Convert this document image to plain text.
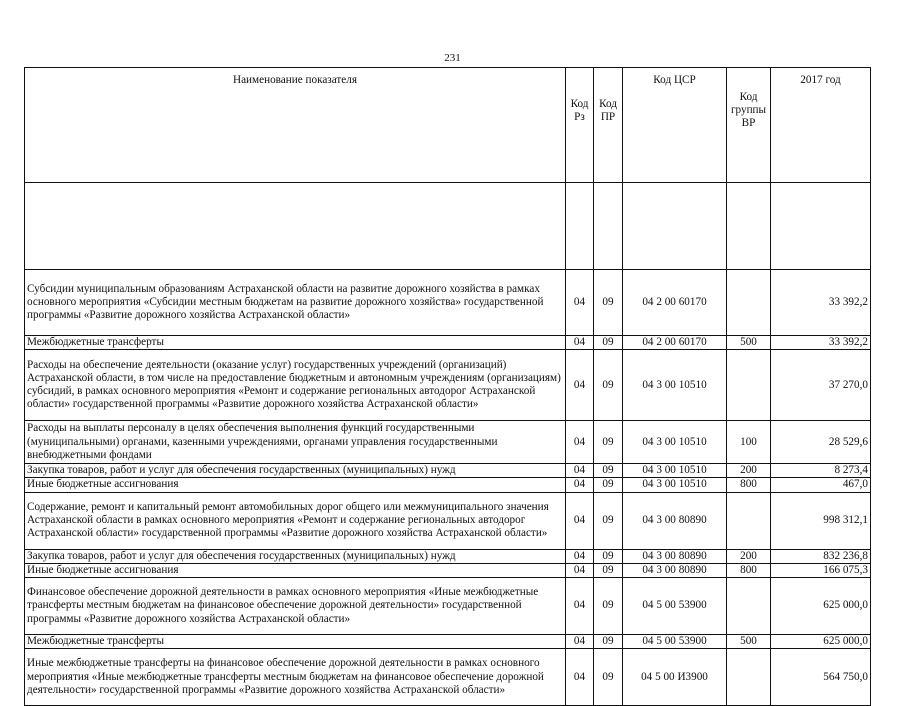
231
Наименование показателя	Код Рз	Код ПР	Код ЦСР	Код группы ВР	2017 год

Субсидии муниципальным образованиям Астраханской области на развитие дорожного хозяйства в рамках основного мероприятия «Субсидии местным бюджетам на развитие дорожного хозяйства» государственной программы «Развитие дорожного хозяйства Астраханской области»	04	09	04 2 00 60170		33 392,2
Межбюджетные трансферты	04	09	04 2 00 60170	500	33 392,2
Расходы на обеспечение деятельности (оказание услуг) государственных учреждений (организаций) Астраханской области, в том числе на предоставление бюджетным и автономным учреждениям (организациям) субсидий, в рамках основного мероприятия «Ремонт и содержание региональных автодорог Астраханской области» государственной программы «Развитие дорожного хозяйства Астраханской области»	04	09	04 3 00 10510		37 270,0
Расходы на выплаты персоналу в целях обеспечения выполнения функций государственными (муниципальными) органами, казенными учреждениями, органами управления государственными внебюджетными фондами	04	09	04 3 00 10510	100	28 529,6
Закупка товаров, работ и услуг для обеспечения государственных (муниципальных) нужд	04	09	04 3 00 10510	200	8 273,4
Иные бюджетные ассигнования	04	09	04 3 00 10510	800	467,0
Содержание, ремонт и капитальный ремонт автомобильных дорог общего или межмуниципального значения Астраханской области в рамках основного мероприятия «Ремонт и содержание региональных автодорог Астраханской области» государственной программы «Развитие дорожного хозяйства Астраханской области»	04	09	04 3 00 80890		998 312,1
Закупка товаров, работ и услуг для обеспечения государственных (муниципальных) нужд	04	09	04 3 00 80890	200	832 236,8
Иные бюджетные ассигнования	04	09	04 3 00 80890	800	166 075,3
Финансовое обеспечение дорожной деятельности в рамках основного мероприятия «Иные межбюджетные трансферты местным бюджетам на финансовое обеспечение дорожной деятельности» государственной программы «Развитие дорожного хозяйства Астраханской области»	04	09	04 5 00 53900		625 000,0
Межбюджетные трансферты	04	09	04 5 00 53900	500	625 000,0
Иные межбюджетные трансферты на финансовое обеспечение дорожной деятельности в рамках основного мероприятия «Иные межбюджетные трансферты местным бюджетам на финансовое обеспечение дорожной деятельности» государственной программы «Развитие дорожного хозяйства Астраханской области»	04	09	04 5 00 И3900		564 750,0
